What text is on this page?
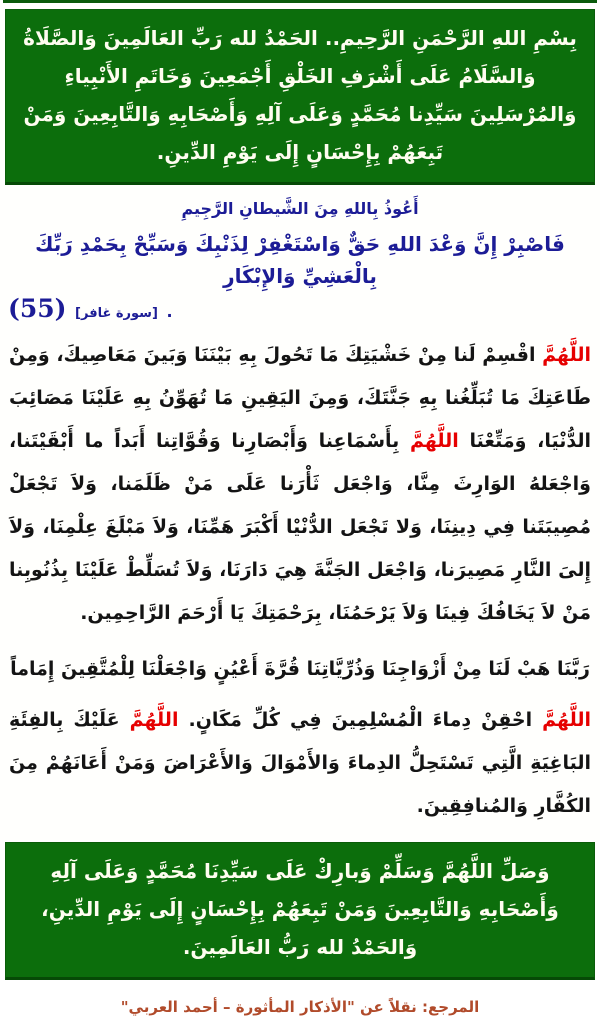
بِسْمِ اللهِ الرَّحْمَنِ الرَّحِيمِ.. الحَمْدُ لله رَبِّ العَالَمِينَ وَالصَّلَاةُ وَالسَّلَامُ عَلَى أَشْرَفِ الخَلْقِ أَجْمَعِينَ وَخَاتَمِ الأَنْبِياءِ وَالمُرْسَلِينَ سَيِّدِنا مُحَمَّدٍ وَعَلَى آلِهِ وَأَصْحَابِهِ وَالتَّابِعِينَ وَمَنْ تَبِعَهُمْ بِإِحْسَانٍ إِلَى يَوْمِ الدِّينِ.

أَعُوذُ بِاللهِ مِنَ الشَّيطانِ الرَّجِيمِ

فَاصْبِرْ إِنَّ وَعْدَ اللهِ حَقٌّ وَاسْتَغْفِرْ لِذَنْبِكَ وَسَبِّحْ بِحَمْدِ رَبِّكَ بِالْعَشِيِّ وَالإِبْكَارِ

(55) [سورة غافر] .

اللَّهُمَّ اقْسِمْ لَنا مِنْ خَشْيَتِكَ مَا تَحُولَ بِهِ بَيْنَنَا وَبَينَ مَعَاصِيكَ، وَمِنْ طَاعَتِكَ مَا تُبَلِّغُنا بِهِ جَنَّتَكَ، وَمِنَ اليَقِينِ مَا تُهَوِّنُ بِهِ عَلَيْنَا مَصَائِبَ الدُّنْيَا، وَمَتِّعْنَا اللَّهُمَّ بِأَسْمَاعِنا وَأَبْصَارِنا وَقُوَّاتِنا أَبَداً ما أَبْقَيْتَنا، وَاجْعَلهُ الوَارِثَ مِنَّا، وَاجْعَل ثَأْرَنا عَلَى مَنْ ظَلَمَنا، وَلاَ تَجْعَلْ مُصِيبَتَنا فِي دِينِنَا، وَلا تَجْعَل الدُّنْيْا أَكْبَرَ هَمِّنَا، وَلاَ مَبْلَغَ عِلْمِنَا، وَلاَ إِلىَ النَّارِ مَصِيرَنا، وَاجْعَل الجَنَّةَ هِيَ دَارَنَا، وَلاَ تُسَلِّطْ عَلَيْنَا بِذُنُوبِنا مَنْ لاَ يَخَافُكَ فِينَا وَلاَ يَرْحَمُنَا، بِرَحْمَتِكَ يَا أَرْحَمَ الرَّاحِمِين.

رَبَّنَا هَبْ لَنَا مِنْ أَزْوَاجِنَا وَذُرِّيَّاتِنَا قُرَّةَ أَعْيُنٍ وَاجْعَلْنَا لِلْمُتَّقِينَ إِمَاماً

اللَّهُمَّ احْقِنْ دِماءَ الْمُسْلِمِينَ فِي كُلِّ مَكَانٍ. اللَّهُمَّ عَلَيْكَ بِالفِئَةِ البَاغِيَةِ الَّتِي تَسْتَحِلُّ الدِماءَ وَالأَمْوَالَ وَالأَعْرَاضَ وَمَنْ أَعَانَهُمْ مِنَ الكُفَّارِ وَالمُنافِقِينَ.

وَصَلِّ اللَّهُمَّ وَسَلِّمْ وَبارِكْ عَلَى سَيِّدِنَا مُحَمَّدٍ وَعَلَى آلِهِ وَأَصْحَابِهِ وَالتَّابِعِينَ وَمَنْ تَبِعَهُمْ بِإِحْسَانٍ إِلَى يَوْمِ الدِّينِ، وَالحَمْدُ لله رَبُّ العَالَمِينَ.

المرجع: نقلاً عن "الأذكار المأثورة – أحمد العربي"
